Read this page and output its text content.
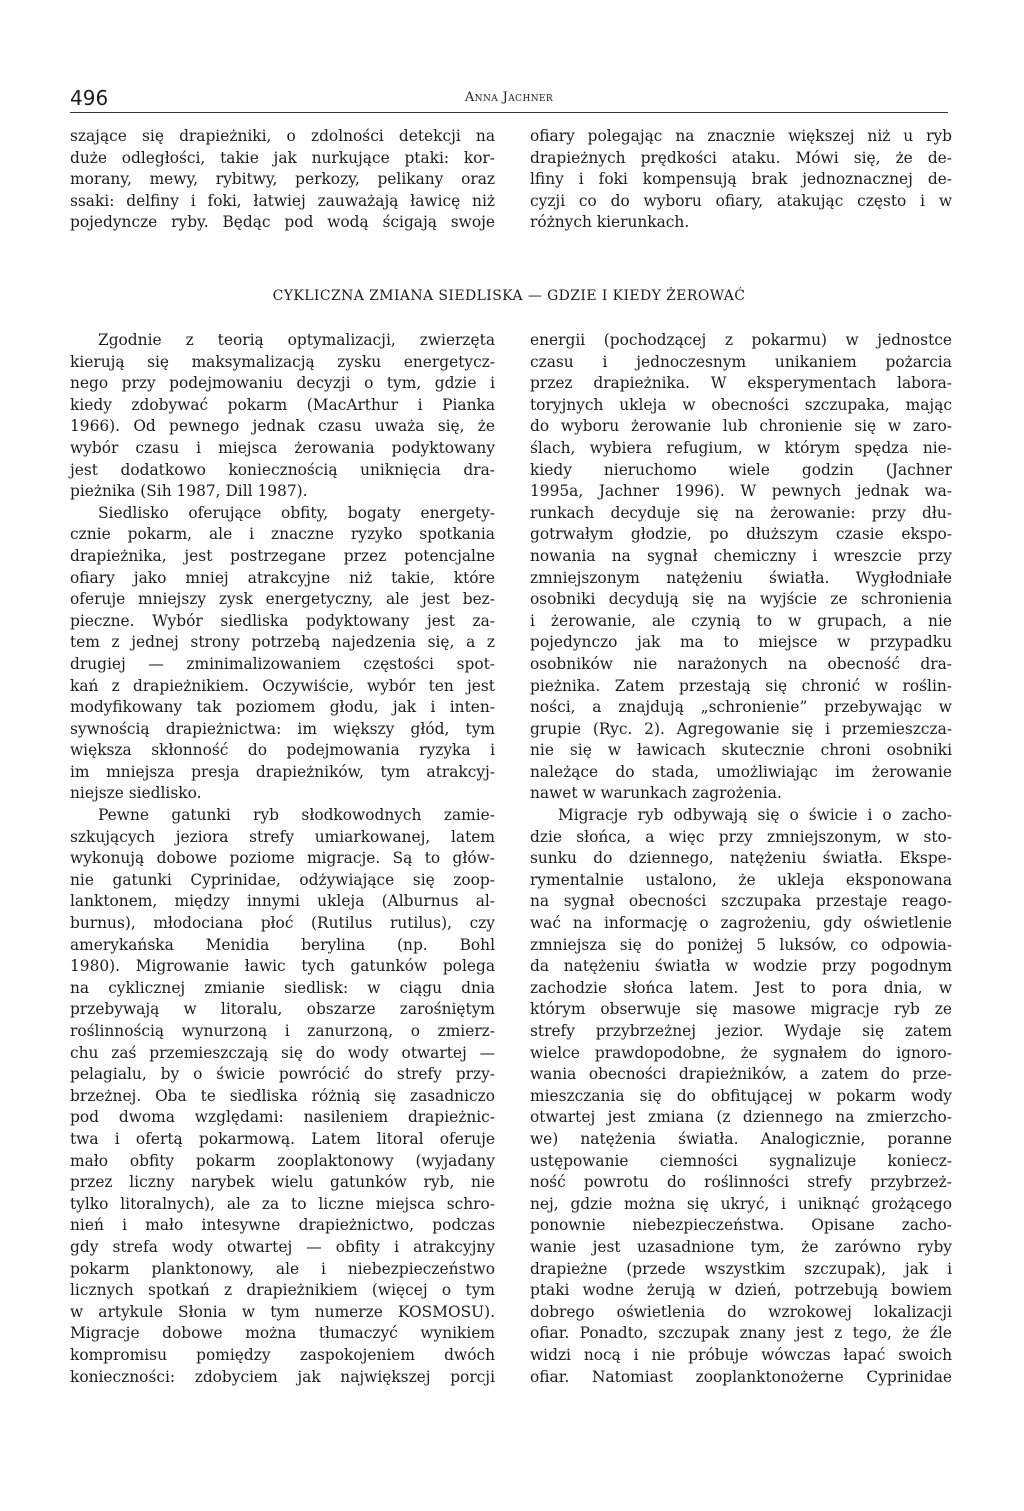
496	Anna Jachner
szające się drapieżniki, o zdolności detekcji na
duże odległości, takie jak nurkujące ptaki: kor-
morany, mewy, rybitwy, perkozy, pelikany oraz
ssaki: delfiny i foki, łatwiej zauważają ławicę niż
pojedyncze ryby. Będąc pod wodą ścigają swoje
ofiary polegając na znacznie większej niż u ryb
drapieżnych prędkości ataku. Mówi się, że de-
lfiny i foki kompensują brak jednoznacznej de-
cyzji co do wyboru ofiary, atakując często i w
różnych kierunkach.
CYKLICZNA ZMIANA SIEDLISKA — GDZIE I KIEDY ŻEROWAĆ
Zgodnie z teorią optymalizacji, zwierzęta
kierują się maksymalizacją zysku energetycz-
nego przy podejmowaniu decyzji o tym, gdzie i
kiedy zdobywać pokarm (MacArthur i Pianka
1966). Od pewnego jednak czasu uważa się, że
wybór czasu i miejsca żerowania podyktowany
jest dodatkowo koniecznością uniknięcia dra-
pieżnika (Sih 1987, Dill 1987).
Siedlisko oferujące obfity, bogaty energety-
cznie pokarm, ale i znaczne ryzyko spotkania
drapieżnika, jest postrzegane przez potencjalne
ofiary jako mniej atrakcyjne niż takie, które
oferuje mniejszy zysk energetyczny, ale jest bez-
pieczne. Wybór siedliska podyktowany jest za-
tem z jednej strony potrzebą najedzenia się, a z
drugiej — zminimalizowaniem częstości spot-
kań z drapieżnikiem. Oczywiście, wybór ten jest
modyfikowany tak poziomem głodu, jak i inten-
sywnością drapieżnictwa: im większy głód, tym
większa skłonność do podejmowania ryzyka i
im mniejsza presja drapieżników, tym atrakcyj-
niejsze siedlisko.
Pewne gatunki ryb słodkowodnych zamie-
szkujących jeziora strefy umiarkowanej, latem
wykonują dobowe poziome migracje. Są to głów-
nie gatunki Cyprinidae, odżywiające się zoop-
lanktonem, między innymi ukleja (Alburnus al-
burnus), młodociana płoć (Rutilus rutilus), czy
amerykańska Menidia berylina (np. Bohl
1980). Migrowanie ławic tych gatunków polega
na cyklicznej zmianie siedlisk: w ciągu dnia
przebywają w litoralu, obszarze zarośniętym
roślinnością wynurzoną i zanurzoną, o zmierz-
chu zaś przemieszczają się do wody otwartej —
pelagialu, by o świcie powrócić do strefy przy-
brzeżnej. Oba te siedliska różnią się zasadniczo
pod dwoma względami: nasileniem drapieżnic-
twa i ofertą pokarmową. Latem litoral oferuje
mało obfity pokarm zooplaktonowy (wyjadany
przez liczny narybek wielu gatunków ryb, nie
tylko litoralnych), ale za to liczne miejsca schro-
nień i mało intesywne drapieżnictwo, podczas
gdy strefa wody otwartej — obfity i atrakcyjny
pokarm planktonowy, ale i niebezpieczeństwo
licznych spotkań z drapieżnikiem (więcej o tym
w artykule Słonia w tym numerze KOSMOSU).
Migracje dobowe można tłumaczyć wynikiem
kompromisu pomiędzy zaspokojeniem dwóch
konieczności: zdobyciem jak największej porcji
energii (pochodzącej z pokarmu) w jednostce
czasu i jednoczesnym unikaniem pożarcia
przez drapieżnika. W eksperymentach labora-
toryjnych ukleja w obecności szczupaka, mając
do wyboru żerowanie lub chronienie się w zaro-
ślach, wybiera refugium, w którym spędza nie-
kiedy nieruchomo wiele godzin (Jachner
1995a, Jachner 1996). W pewnych jednak wa-
runkach decyduje się na żerowanie: przy dłu-
gotrwałym głodzie, po dłuższym czasie ekspo-
nowania na sygnał chemiczny i wreszcie przy
zmniejszonym natężeniu światła. Wygłodniałe
osobniki decydują się na wyjście ze schronienia
i żerowanie, ale czynią to w grupach, a nie
pojedynczo jak ma to miejsce w przypadku
osobników nie narażonych na obecność dra-
pieżnika. Zatem przestają się chronić w roślin-
ności, a znajdują „schronienie” przebywając w
grupie (Ryc. 2). Agregowanie się i przemieszcza-
nie się w ławicach skutecznie chroni osobniki
należące do stada, umożliwiając im żerowanie
nawet w warunkach zagrożenia.
Migracje ryb odbywają się o świcie i o zacho-
dzie słońca, a więc przy zmniejszonym, w sto-
sunku do dziennego, natężeniu światła. Ekspe-
rymentalnie ustalono, że ukleja eksponowana
na sygnał obecności szczupaka przestaje reago-
wać na informację o zagrożeniu, gdy oświetlenie
zmniejsza się do poniżej 5 luksów, co odpowia-
da natężeniu światła w wodzie przy pogodnym
zachodzie słońca latem. Jest to pora dnia, w
którym obserwuje się masowe migracje ryb ze
strefy przybrzeżnej jezior. Wydaje się zatem
wielce prawdopodobne, że sygnałem do ignoro-
wania obecności drapieżników, a zatem do prze-
mieszczania się do obfitującej w pokarm wody
otwartej jest zmiana (z dziennego na zmierzcho-
we) natężenia światła. Analogicznie, poranne
ustępowanie ciemności sygnalizuje koniecz-
ność powrotu do roślinności strefy przybrzeż-
nej, gdzie można się ukryć, i uniknąć grożącego
ponownie niebezpieczeństwa. Opisane zacho-
wanie jest uzasadnione tym, że zarówno ryby
drapieżne (przede wszystkim szczupak), jak i
ptaki wodne żerują w dzień, potrzebują bowiem
dobrego oświetlenia do wzrokowej lokalizacji
ofiar. Ponadto, szczupak znany jest z tego, że źle
widzi nocą i nie próbuje wówczas łapać swoich
ofiar. Natomiast zooplanktonożerne Cyprinidae
